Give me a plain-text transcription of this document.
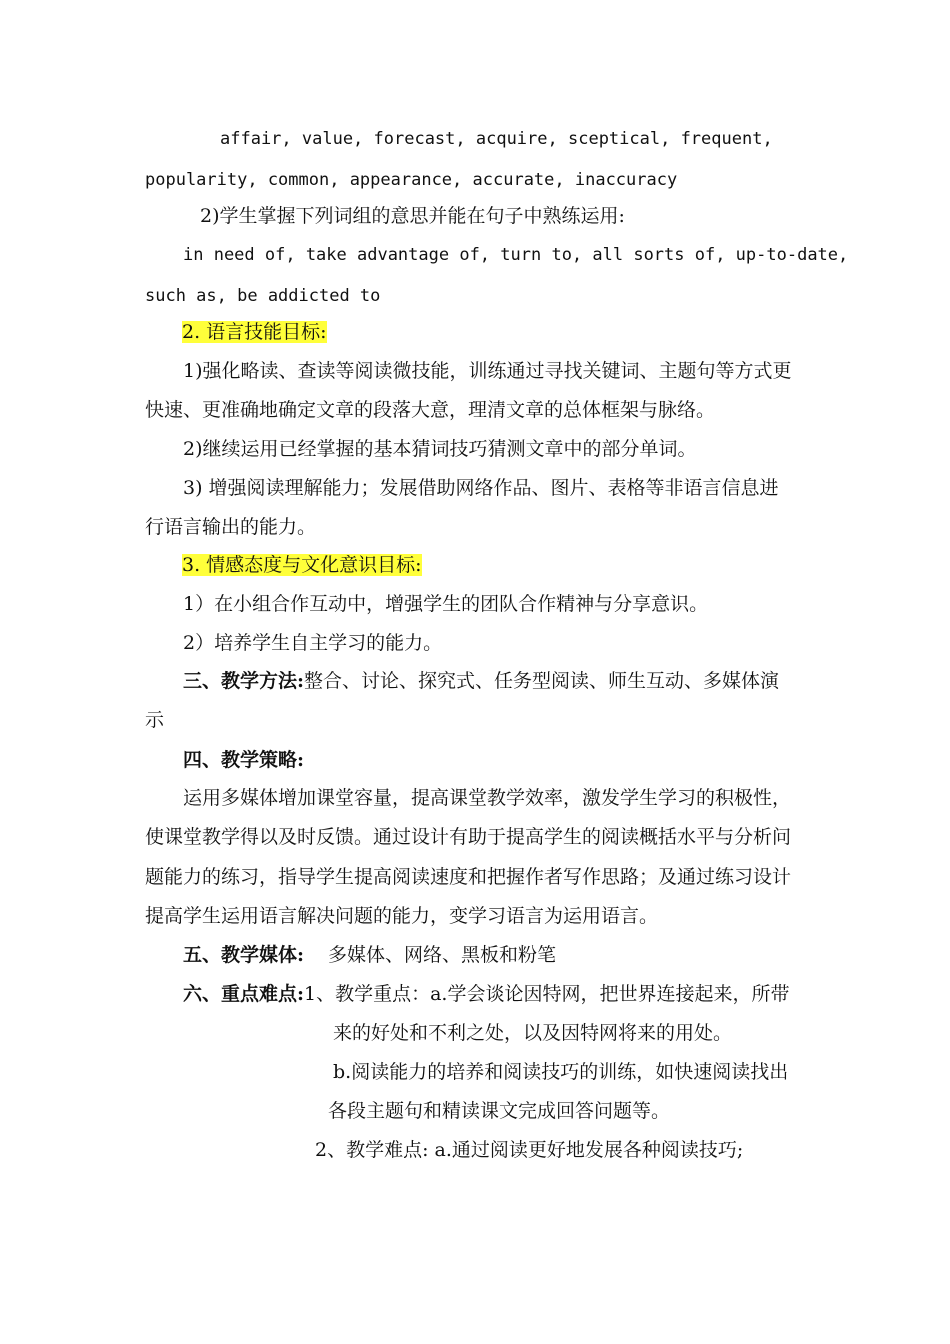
affair, value, forecast, acquire, sceptical, frequent,
popularity, common, appearance, accurate, inaccuracy
2)学生掌握下列词组的意思并能在句子中熟练运用:
in need of, take advantage of, turn to, all sorts of, up-to-date,
such as, be addicted to
2. 语言技能目标:
1)强化略读、查读等阅读微技能，训练通过寻找关键词、主题句等方式更
快速、更准确地确定文章的段落大意，理清文章的总体框架与脉络。
2)继续运用已经掌握的基本猜词技巧猜测文章中的部分单词。
3) 增强阅读理解能力；发展借助网络作品、图片、表格等非语言信息进
行语言输出的能力。
3. 情感态度与文化意识目标:
1）在小组合作互动中，增强学生的团队合作精神与分享意识。
2）培养学生自主学习的能力。
三、教学方法:整合、讨论、探究式、任务型阅读、师生互动、多媒体演
示
四、教学策略:
运用多媒体增加课堂容量，提高课堂教学效率，激发学生学习的积极性，
使课堂教学得以及时反馈。通过设计有助于提高学生的阅读概括水平与分析问
题能力的练习，指导学生提高阅读速度和把握作者写作思路；及通过练习设计
提高学生运用语言解决问题的能力，变学习语言为运用语言。
五、教学媒体: 多媒体、网络、黑板和粉笔
六、重点难点:1、教学重点：a.学会谈论因特网，把世界连接起来，所带
来的好处和不利之处，以及因特网将来的用处。
b.阅读能力的培养和阅读技巧的训练，如快速阅读找出
各段主题句和精读课文完成回答问题等。
2、教学难点: a.通过阅读更好地发展各种阅读技巧;
